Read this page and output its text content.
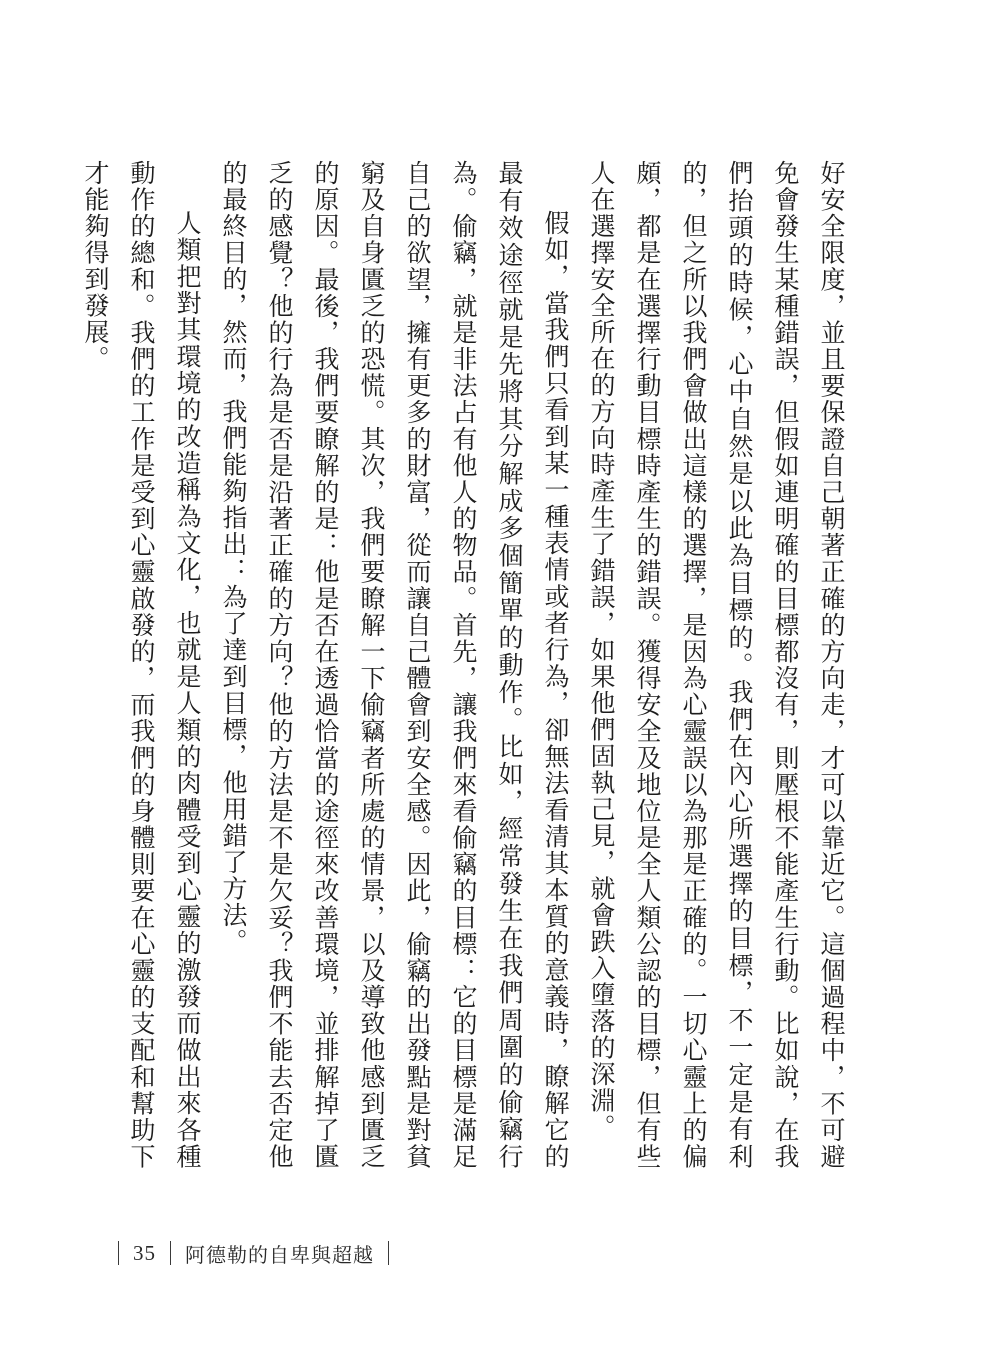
好安全限度，並且要保證自己朝著正確的方向走，才可以靠近它。這個過程中，不可避免會發生某種錯誤，但假如連明確的目標都沒有，則壓根不能產生行動。比如說，在我們抬頭的時候，心中自然是以此為目標的。我們在內心所選擇的目標，不一定是有利的，但之所以我們會做出這樣的選擇，是因為心靈誤以為那是正確的。一切心靈上的偏頗，都是在選擇行動目標時產生的錯誤。獲得安全及地位是全人類公認的目標，但有些人在選擇安全所在的方向時產生了錯誤，如果他們固執己見，就會跌入墮落的深淵。

假如，當我們只看到某一種表情或者行為，卻無法看清其本質的意義時，瞭解它的最有效途徑就是先將其分解成多個簡單的動作。比如，經常發生在我們周圍的偷竊行為。偷竊，就是非法占有他人的物品。首先，讓我們來看偷竊的目標：它的目標是滿足自己的欲望，擁有更多的財富，從而讓自己體會到安全感。因此，偷竊的出發點是對貧窮及自身匱乏的恐慌。其次，我們要瞭解一下偷竊者所處的情景，以及導致他感到匱乏的原因。最後，我們要瞭解的是：他是否在透過恰當的途徑來改善環境，並排解掉了匱乏的感覺？他的行為是否是沿著正確的方向？他的方法是不是欠妥？我們不能去否定他的最終目的，然而，我們能夠指出：為了達到目標，他用錯了方法。

人類把對其環境的改造稱為文化，也就是人類的肉體受到心靈的激發而做出來各種動作的總和。我們的工作是受到心靈啟發的，而我們的身體則要在心靈的支配和幫助下才能夠得到發展。

35 阿德勒的自卑與超越
